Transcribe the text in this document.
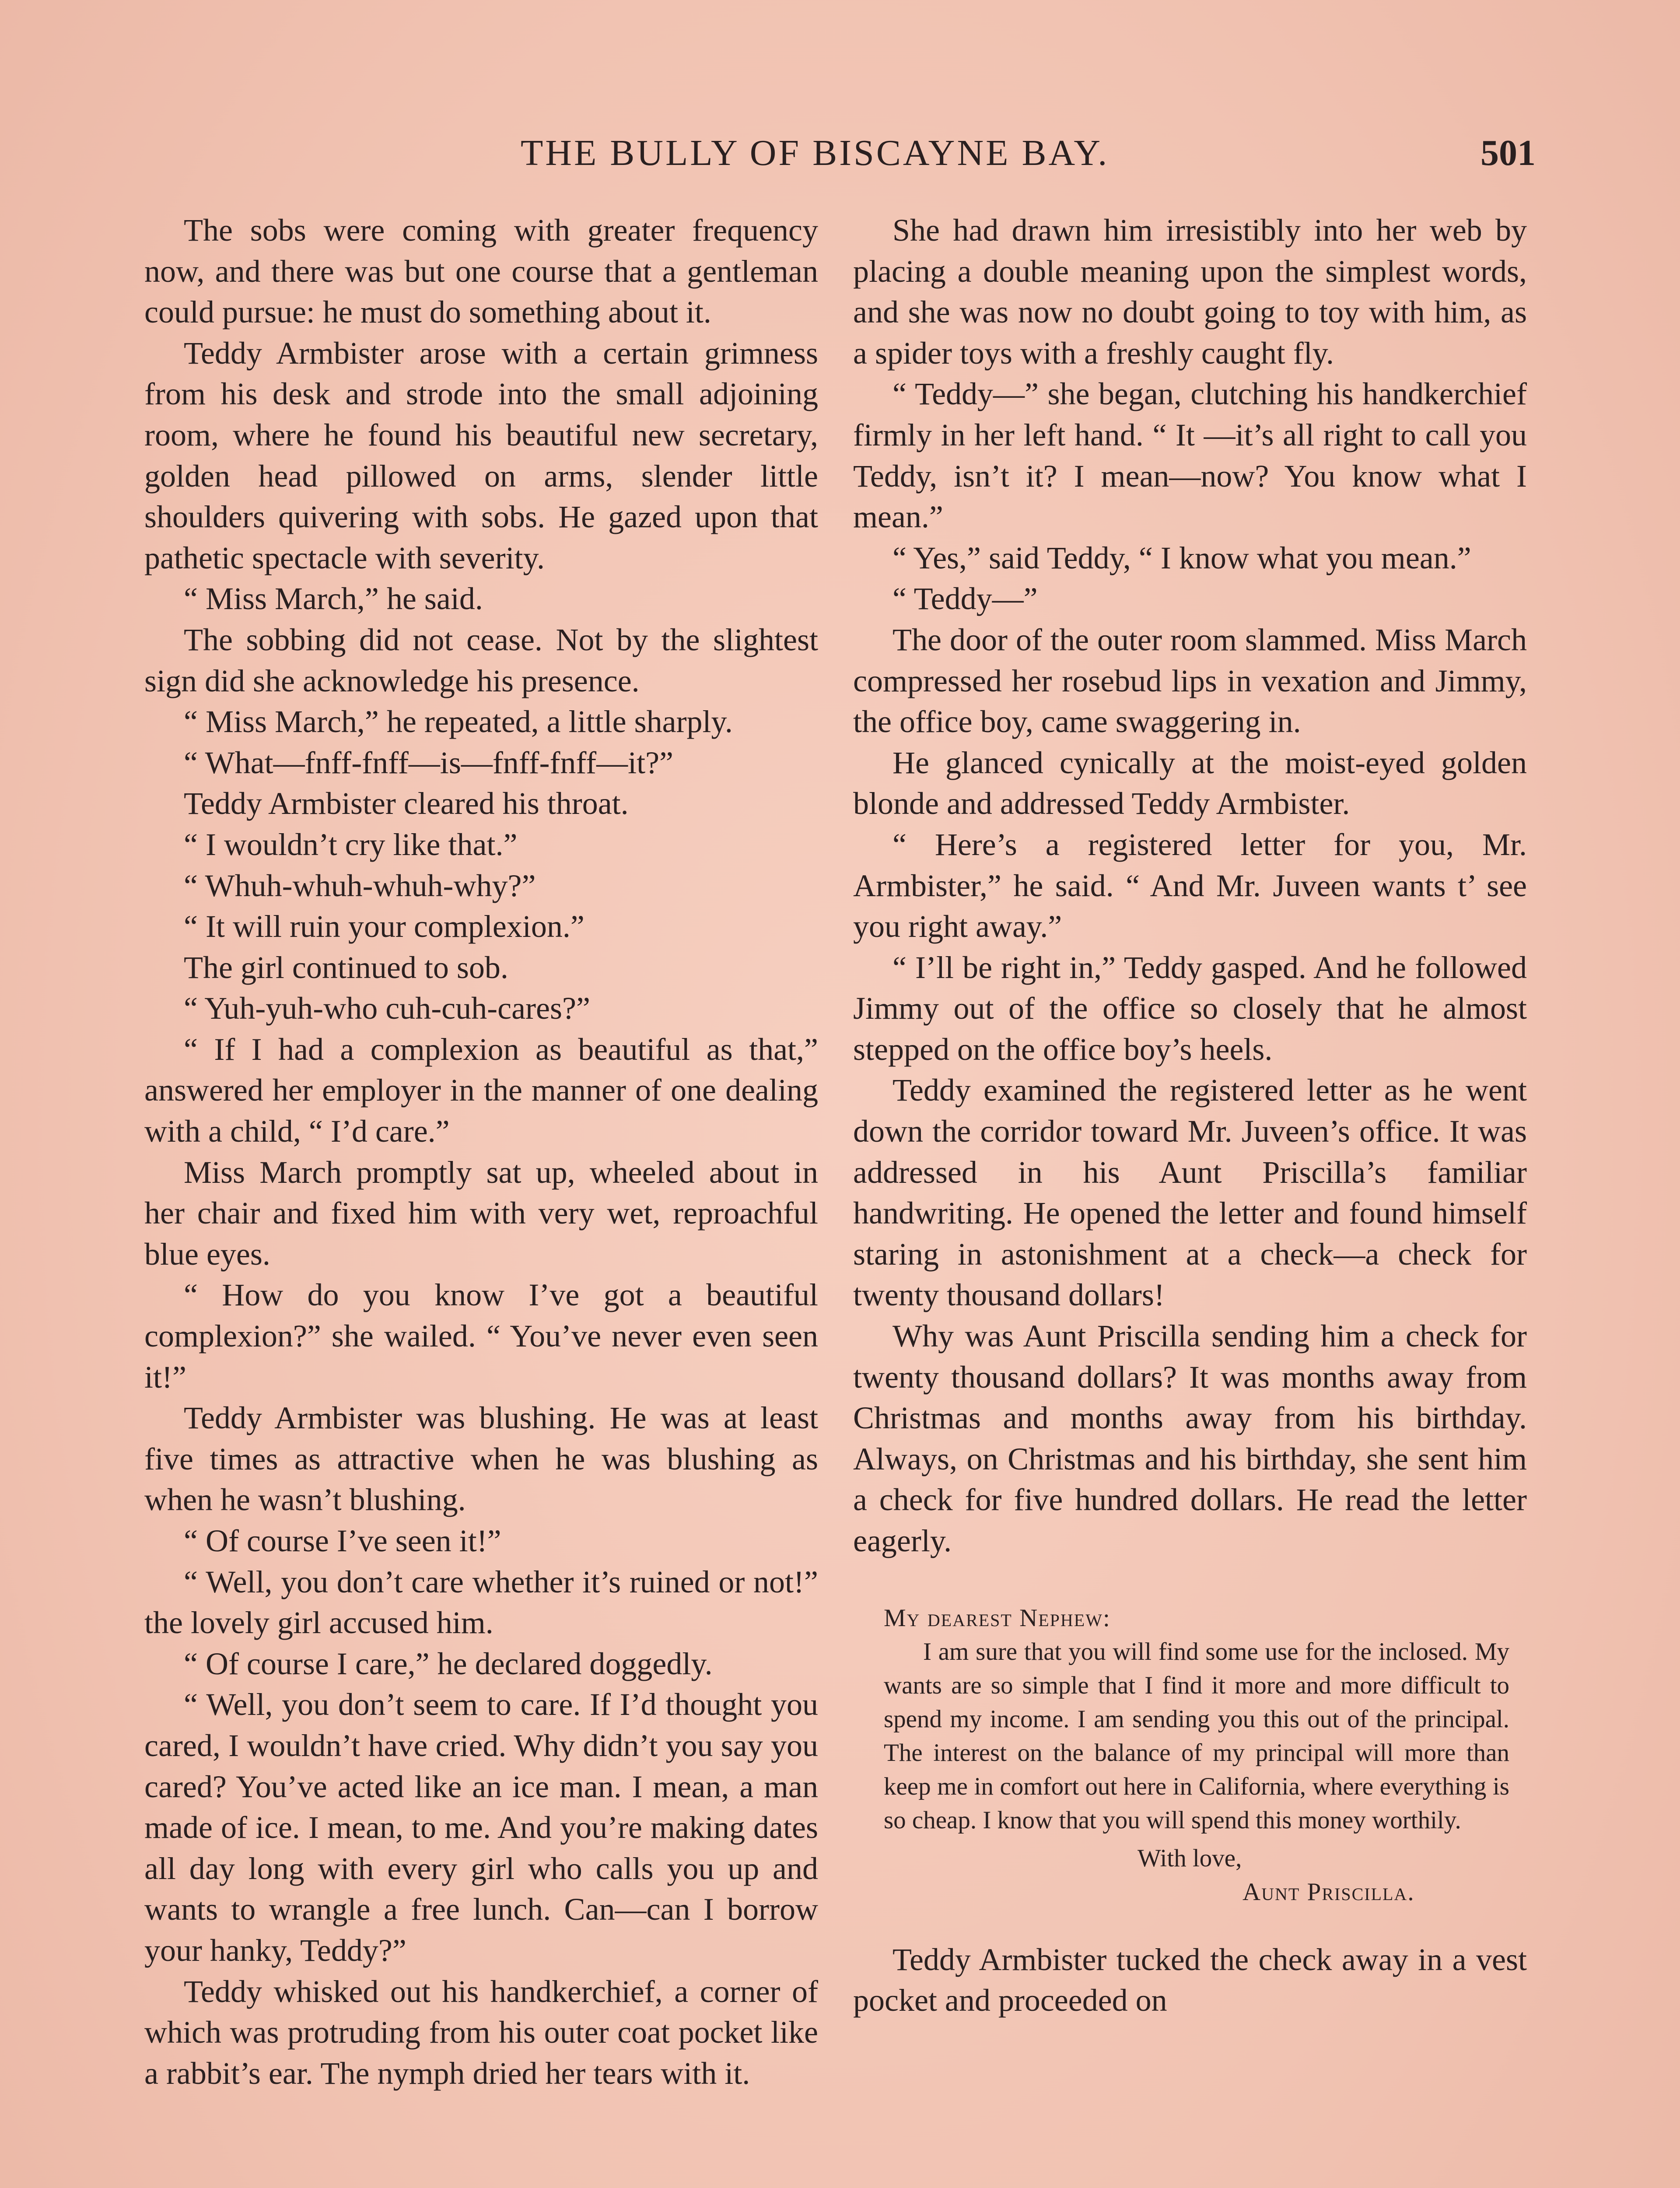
THE BULLY OF BISCAYNE BAY.	501

The sobs were coming with greater frequency now, and there was but one course that a gentleman could pursue: he must do something about it.

Teddy Armbister arose with a certain grimness from his desk and strode into the small adjoining room, where he found his beautiful new secretary, golden head pillowed on arms, slender little shoulders quivering with sobs. He gazed upon that pathetic spectacle with severity.

“ Miss March,” he said.

The sobbing did not cease. Not by the slightest sign did she acknowledge his presence.

“ Miss March,” he repeated, a little sharply.

“ What—fnff-fnff—is—fnff-fnff—it?”

Teddy Armbister cleared his throat.

“ I wouldn’t cry like that.”

“ Whuh-whuh-whuh-why?”

“ It will ruin your complexion.”

The girl continued to sob.

“ Yuh-yuh-who cuh-cuh-cares?”

“ If I had a complexion as beautiful as that,” answered her employer in the manner of one dealing with a child, “ I’d care.”

Miss March promptly sat up, wheeled about in her chair and fixed him with very wet, reproachful blue eyes.

“ How do you know I’ve got a beautiful complexion?” she wailed. “ You’ve never even seen it!”

Teddy Armbister was blushing. He was at least five times as attractive when he was blushing as when he wasn’t blushing.

“ Of course I’ve seen it!”

“ Well, you don’t care whether it’s ruined or not!” the lovely girl accused him.

“ Of course I care,” he declared doggedly.

“ Well, you don’t seem to care. If I’d thought you cared, I wouldn’t have cried. Why didn’t you say you cared? You’ve acted like an ice man. I mean, a man made of ice. I mean, to me. And you’re making dates all day long with every girl who calls you up and wants to wrangle a free lunch. Can—can I borrow your hanky, Teddy?”

Teddy whisked out his handkerchief, a corner of which was protruding from his outer coat pocket like a rabbit’s ear. The nymph dried her tears with it.

She had drawn him irresistibly into her web by placing a double meaning upon the simplest words, and she was now no doubt going to toy with him, as a spider toys with a freshly caught fly.

“ Teddy—” she began, clutching his handkerchief firmly in her left hand. “ It —it’s all right to call you Teddy, isn’t it? I mean—now? You know what I mean.”

“ Yes,” said Teddy, “ I know what you mean.”

“ Teddy—”

The door of the outer room slammed. Miss March compressed her rosebud lips in vexation and Jimmy, the office boy, came swaggering in.

He glanced cynically at the moist-eyed golden blonde and addressed Teddy Armbister.

“ Here’s a registered letter for you, Mr. Armbister,” he said. “ And Mr. Juveen wants t’ see you right away.”

“ I’ll be right in,” Teddy gasped. And he followed Jimmy out of the office so closely that he almost stepped on the office boy’s heels.

Teddy examined the registered letter as he went down the corridor toward Mr. Juveen’s office. It was addressed in his Aunt Priscilla’s familiar handwriting. He opened the letter and found himself staring in astonishment at a check—a check for twenty thousand dollars!

Why was Aunt Priscilla sending him a check for twenty thousand dollars? It was months away from Christmas and months away from his birthday. Always, on Christmas and his birthday, she sent him a check for five hundred dollars. He read the letter eagerly.

My dearest Nephew:

I am sure that you will find some use for the inclosed. My wants are so simple that I find it more and more difficult to spend my income. I am sending you this out of the principal. The interest on the balance of my principal will more than keep me in comfort out here in California, where everything is so cheap. I know that you will spend this money worthily.

With love,
Aunt Priscilla.

Teddy Armbister tucked the check away in a vest pocket and proceeded on
